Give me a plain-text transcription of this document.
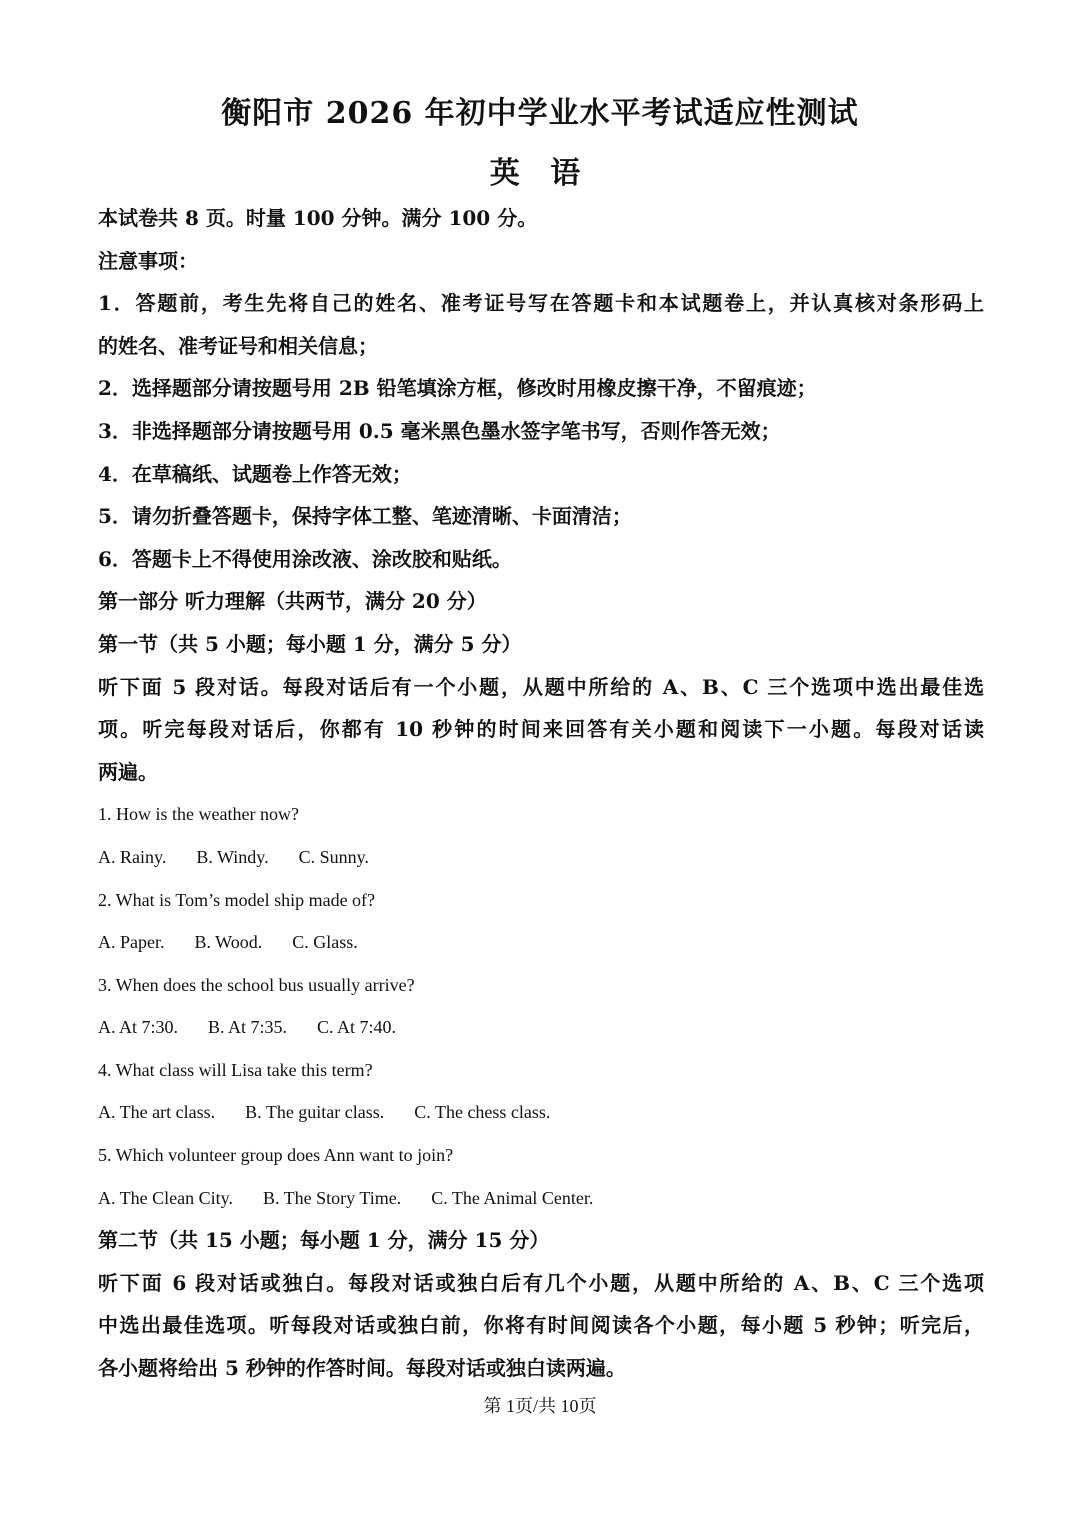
衡阳市 2026 年初中学业水平考试适应性测试
英 语
本试卷共 8 页。时量 100 分钟。满分 100 分。
注意事项：
1．答题前，考生先将自己的姓名、准考证号写在答题卡和本试题卷上，并认真核对条形码上
的姓名、准考证号和相关信息；
2．选择题部分请按题号用 2B 铅笔填涂方框，修改时用橡皮擦干净，不留痕迹；
3．非选择题部分请按题号用 0.5 毫米黑色墨水签字笔书写，否则作答无效；
4．在草稿纸、试题卷上作答无效；
5．请勿折叠答题卡，保持字体工整、笔迹清晰、卡面清洁；
6．答题卡上不得使用涂改液、涂改胶和贴纸。
第一部分 听力理解（共两节，满分 20 分）
第一节（共 5 小题；每小题 1 分，满分 5 分）
听下面 5 段对话。每段对话后有一个小题，从题中所给的 A、B、C 三个选项中选出最佳选
项。听完每段对话后，你都有 10 秒钟的时间来回答有关小题和阅读下一小题。每段对话读
两遍。
1. How is the weather now?
A. Rainy. B. Windy. C. Sunny.
2. What is Tom’s model ship made of?
A. Paper. B. Wood. C. Glass.
3. When does the school bus usually arrive?
A. At 7:30. B. At 7:35. C. At 7:40.
4. What class will Lisa take this term?
A. The art class. B. The guitar class. C. The chess class.
5. Which volunteer group does Ann want to join?
A. The Clean City. B. The Story Time. C. The Animal Center.
第二节（共 15 小题；每小题 1 分，满分 15 分）
听下面 6 段对话或独白。每段对话或独白后有几个小题，从题中所给的 A、B、C 三个选项
中选出最佳选项。听每段对话或独白前，你将有时间阅读各个小题，每小题 5 秒钟；听完后，
各小题将给出 5 秒钟的作答时间。每段对话或独白读两遍。
第 1页/共 10页
